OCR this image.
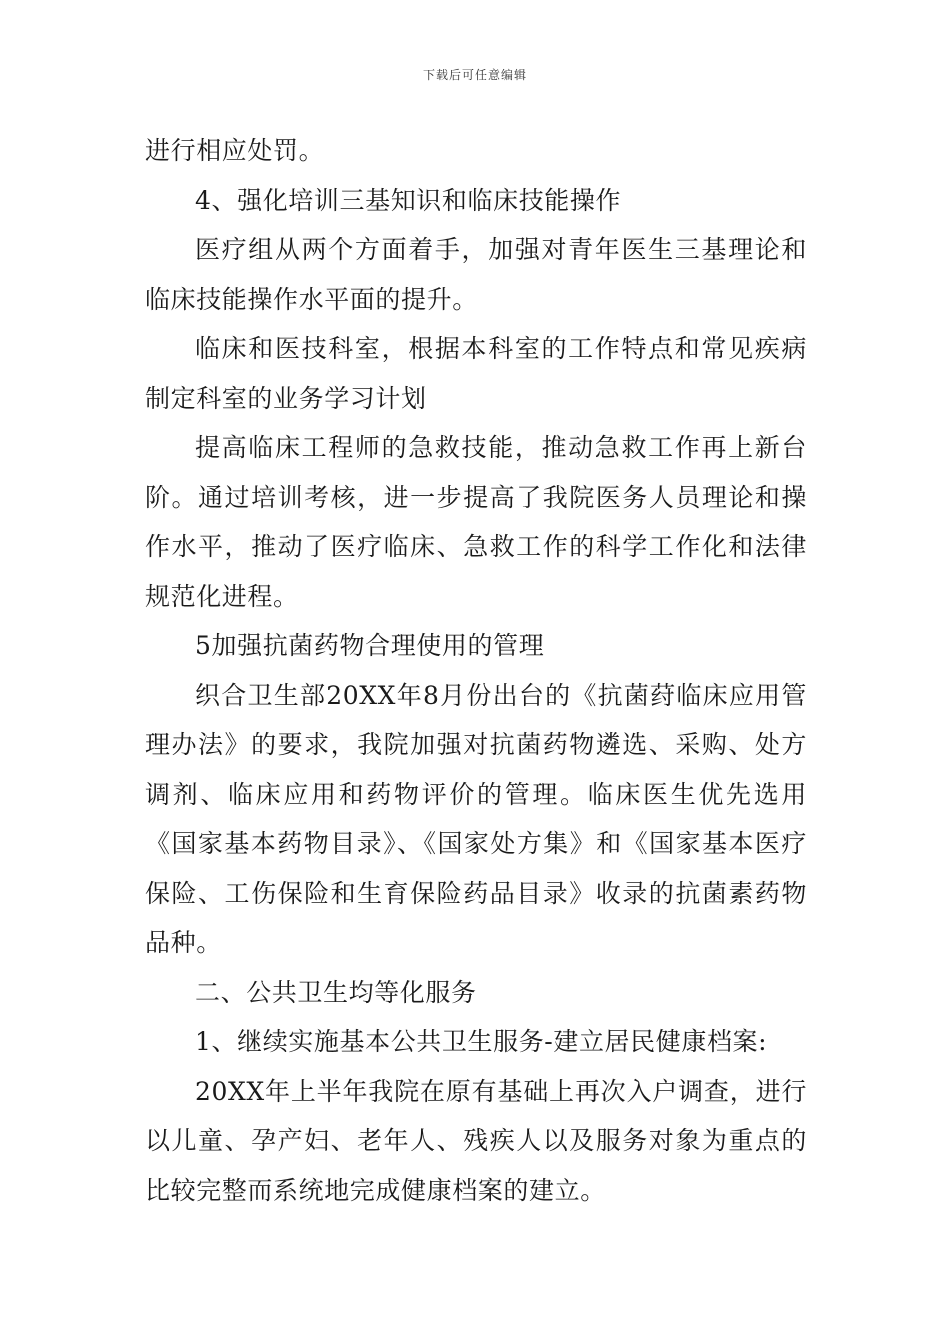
下载后可任意编辑

进行相应处罚。

4、强化培训三基知识和临床技能操作

医疗组从两个方面着手，加强对青年医生三基理论和临床技能操作水平面的提升。

临床和医技科室，根据本科室的工作特点和常见疾病制定科室的业务学习计划

提高临床工程师的急救技能，推动急救工作再上新台阶。通过培训考核，进一步提高了我院医务人员理论和操作水平，推动了医疗临床、急救工作的科学工作化和法律规范化进程。

5加强抗菌药物合理使用的管理

织合卫生部20XX年8月份出台的《抗菌荮临床应用管理办法》的要求，我院加强对抗菌药物遴选、采购、处方调剂、临床应用和药物评价的管理。临床医生优先选用《国家基本药物目录》、《国家处方集》和《国家基本医疗保险、工伤保险和生育保险药品目录》收录的抗菌素药物品种。

二、公共卫生均等化服务

1、继续实施基本公共卫生服务-建立居民健康档案:

20XX年上半年我院在原有基础上再次入户调查，进行以儿童、孕产妇、老年人、残疾人以及服务对象为重点的比较完整而系统地完成健康档案的建立。
